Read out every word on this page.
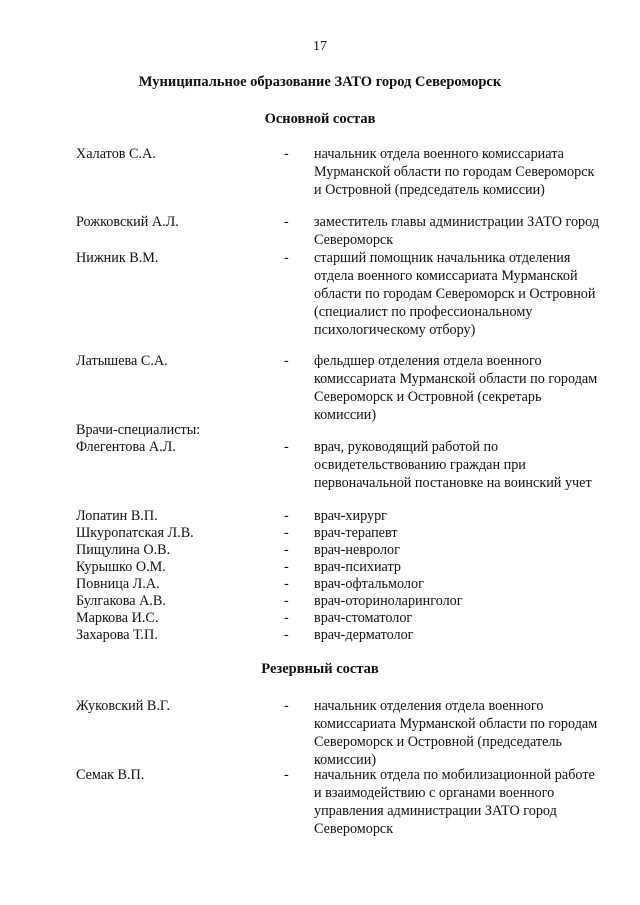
17
Муниципальное образование ЗАТО город Североморск
Основной состав
Халатов С.А.	- начальник отдела военного комиссариата Мурманской области по городам Североморск и Островной (председатель комиссии)
Рожковский А.Л.	- заместитель главы администрации ЗАТО город Североморск
Нижник В.М.	- старший помощник начальника отделения отдела военного комиссариата Мурманской области по городам Североморск и Островной (специалист по профессиональному психологическому отбору)
Латышева С.А.	- фельдшер отделения отдела военного комиссариата Мурманской области по городам Североморск и Островной (секретарь комиссии)
Врачи-специалисты:
Флегентова А.Л.	- врач, руководящий работой по освидетельствованию граждан при первоначальной постановке на воинский учет
Лопатин В.П.	- врач-хирург
Шкуропатская Л.В.	- врач-терапевт
Пищулина О.В.	- врач-невролог
Курышко О.М.	- врач-психиатр
Повница Л.А.	- врач-офтальмолог
Булгакова А.В.	- врач-оториноларинголог
Маркова И.С.	- врач-стоматолог
Захарова Т.П.	- врач-дерматолог
Резервный состав
Жуковский В.Г.	- начальник отделения отдела военного комиссариата Мурманской области по городам Североморск и Островной (председатель комиссии)
Семак В.П.	- начальник отдела по мобилизационной работе и взаимодействию с органами военного управления администрации ЗАТО город Североморск
